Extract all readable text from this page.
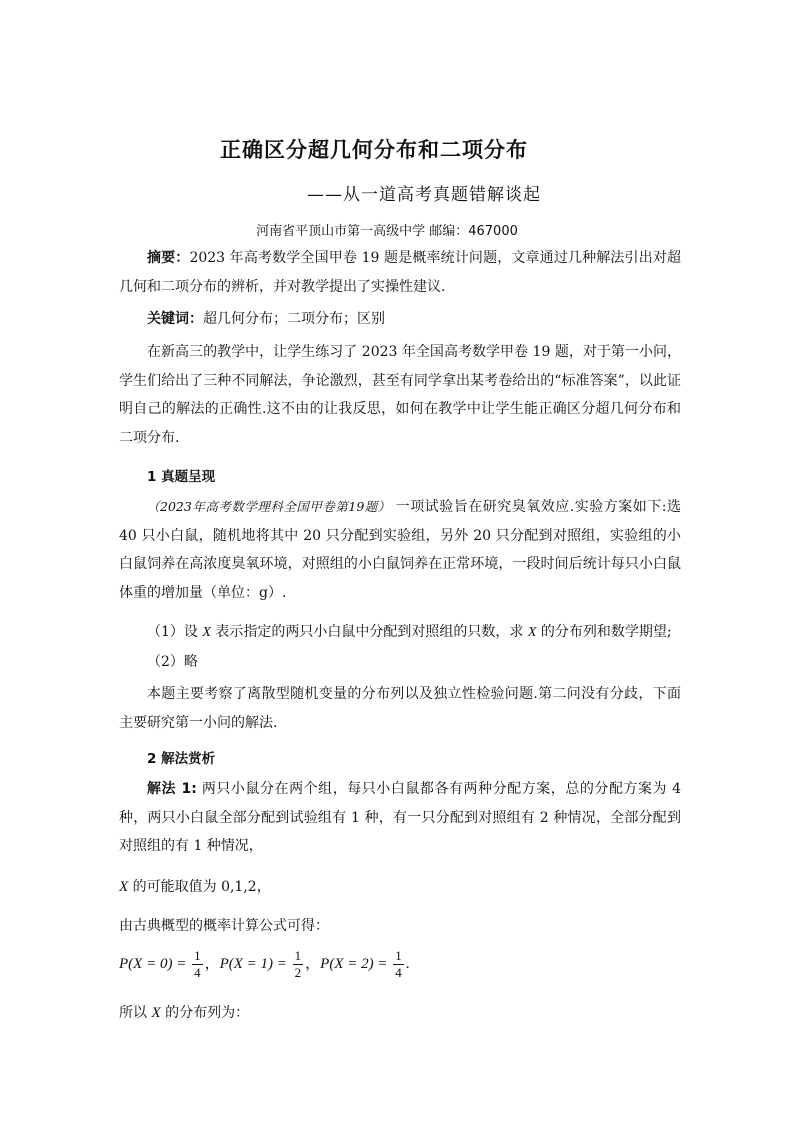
正确区分超几何分布和二项分布
——从一道高考真题错解谈起
河南省平顶山市第一高级中学 邮编：467000
摘要：2023 年高考数学全国甲卷 19 题是概率统计问题，文章通过几种解法引出对超几何和二项分布的辨析，并对教学提出了实操性建议.
关键词：超几何分布；二项分布；区别
在新高三的教学中，让学生练习了 2023 年全国高考数学甲卷 19 题，对于第一小问，学生们给出了三种不同解法，争论激烈，甚至有同学拿出某考卷给出的“标准答案”，以此证明自己的解法的正确性.这不由的让我反思，如何在教学中让学生能正确区分超几何分布和二项分布.
1 真题呈现
（2023年高考数学理科全国甲卷第19题） 一项试验旨在研究臭氧效应.实验方案如下:选 40 只小白鼠，随机地将其中 20 只分配到实验组，另外 20 只分配到对照组，实验组的小白鼠饲养在高浓度臭氧环境，对照组的小白鼠饲养在正常环境，一段时间后统计每只小白鼠体重的增加量（单位：g）.
（1）设 X 表示指定的两只小白鼠中分配到对照组的只数，求 X 的分布列和数学期望;
（2）略
本题主要考察了离散型随机变量的分布列以及独立性检验问题.第二问没有分歧，下面主要研究第一小问的解法.
2 解法赏析
解法 1: 两只小鼠分在两个组，每只小白鼠都各有两种分配方案，总的分配方案为 4 种，两只小白鼠全部分配到试验组有 1 种，有一只分配到对照组有 2 种情况，全部分配到对照组的有 1 种情况，
X 的可能取值为 0,1,2，
由古典概型的概率计算公式可得：
$P(X = 0) = \frac{1}{4}$ ，$P(X = 1) = \frac{1}{2}$ ，$P(X = 2) = \frac{1}{4}$ .
所以 X 的分布列为：
